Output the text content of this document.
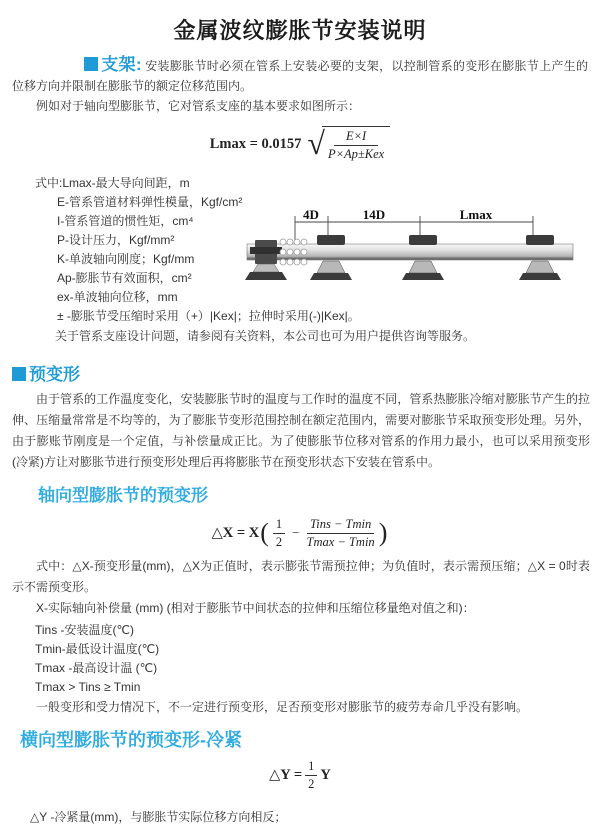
金属波纹膨胀节安装说明

支架: 安装膨胀节时必须在管系上安装必要的支架，以控制管系的变形在膨胀节上产生的位移方向并限制在膨胀节的额定位移范围内。

例如对于轴向型膨胀节，它对管系支座的基本要求如图所示：

Lmax = 0.0157 √	E×I
P×Ap±Kex
式中:Lmax-最大导向间距，m
E-管系管道材料弹性模量，Kgf/cm²
I-管系管道的惯性矩，cm⁴
P-设计压力，Kgf/mm²
K-单波轴向刚度；Kgf/mm
Ap-膨胀节有效面积，cm²
ex-单波轴向位移，mm
± -膨胀节受压缩时采用（+）|Kex|；拉伸时采用(-)|Kex|。
关于管系支座设计问题，请参阅有关资料，本公司也可为用户提供咨询等服务。
4D	14D	Lmax
预变形

由于管系的工作温度变化，安装膨胀节时的温度与工作时的温度不同，管系热膨胀冷缩对膨胀节产生的拉伸、压缩量常常是不均等的，为了膨胀节变形范围控制在额定范围内，需要对膨胀节采取预变形处理。另外，由于膨账节刚度是一个定值，与补偿量成正比。为了使膨胀节位移对管系的作用力最小，也可以采用预变形(冷紧)方让对膨胀节进行预变形处理后再将膨胀节在预变形状态下安装在管系中。

轴向型膨胀节的预变形
△X = X ( $\frac{1}{2} - \frac{\text{Tins − Tmin}}{Tmax - Tmin}$ )

式中：△X-预变形量(mm)，△X为正值时，表示膨张节需预拉伸；为负值时，表示需预压缩；△X = 0时表示不需预变形。

X-实际轴向补偿量 (mm) (相对于膨胀节中间状态的拉伸和压缩位移量绝对值之和)：

Tins -安装温度(℃)
Tmin-最低设计温度(℃)
Tmax -最高设计温 (℃)
Tmax > Tins ≥ Tmin

一般变形和受力情况下，不一定进行预变形，足否预变形对膨胀节的疲劳寿命几乎没有影响。

横向型膨胀节的预变形-冷紧
△Y = $\frac{1}{2}$ Y
△Y -冷紧量(mm)，与膨胀节实际位移方向相反；
